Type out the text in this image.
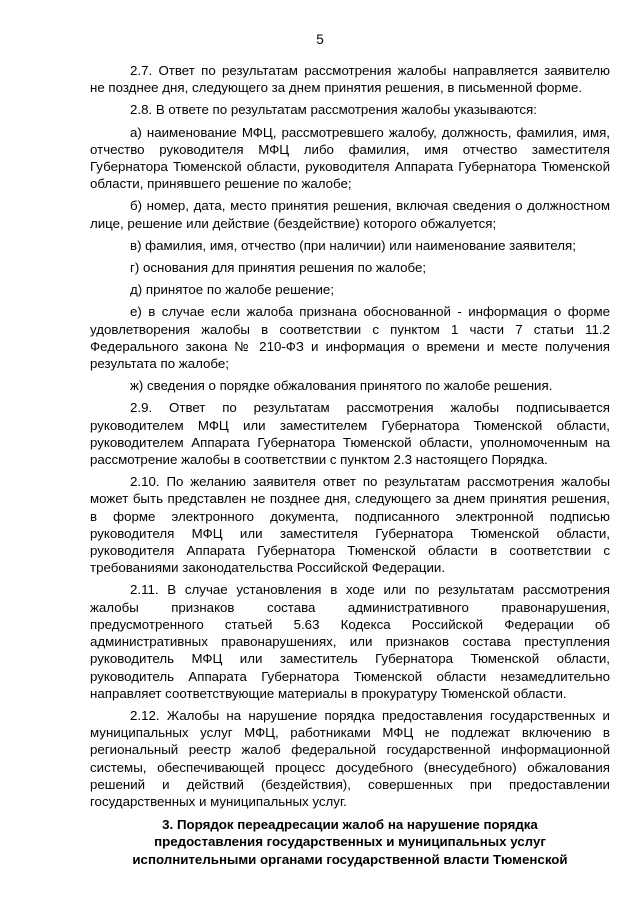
5

2.7. Ответ по результатам рассмотрения жалобы направляется заявителю не позднее дня, следующего за днем принятия решения, в письменной форме.

2.8. В ответе по результатам рассмотрения жалобы указываются:

а) наименование МФЦ, рассмотревшего жалобу, должность, фамилия, имя, отчество руководителя МФЦ либо фамилия, имя отчество заместителя Губернатора Тюменской области, руководителя Аппарата Губернатора Тюменской области, принявшего решение по жалобе;

б) номер, дата, место принятия решения, включая сведения о должностном лице, решение или действие (бездействие) которого обжалуется;

в) фамилия, имя, отчество (при наличии) или наименование заявителя;

г) основания для принятия решения по жалобе;

д) принятое по жалобе решение;

е) в случае если жалоба признана обоснованной - информация о форме удовлетворения жалобы в соответствии с пунктом 1 части 7 статьи 11.2 Федерального закона № 210-ФЗ и информация о времени и месте получения результата по жалобе;

ж) сведения о порядке обжалования принятого по жалобе решения.

2.9. Ответ по результатам рассмотрения жалобы подписывается руководителем МФЦ или заместителем Губернатора Тюменской области, руководителем Аппарата Губернатора Тюменской области, уполномоченным на рассмотрение жалобы в соответствии с пунктом 2.3 настоящего Порядка.

2.10. По желанию заявителя ответ по результатам рассмотрения жалобы может быть представлен не позднее дня, следующего за днем принятия решения, в форме электронного документа, подписанного электронной подписью руководителя МФЦ или заместителя Губернатора Тюменской области, руководителя Аппарата Губернатора Тюменской области в соответствии с требованиями законодательства Российской Федерации.

2.11. В случае установления в ходе или по результатам рассмотрения жалобы признаков состава административного правонарушения, предусмотренного статьей 5.63 Кодекса Российской Федерации об административных правонарушениях, или признаков состава преступления руководитель МФЦ или заместитель Губернатора Тюменской области, руководитель Аппарата Губернатора Тюменской области незамедлительно направляет соответствующие материалы в прокуратуру Тюменской области.

2.12. Жалобы на нарушение порядка предоставления государственных и муниципальных услуг МФЦ, работниками МФЦ не подлежат включению в региональный реестр жалоб федеральной государственной информационной системы, обеспечивающей процесс досудебного (внесудебного) обжалования решений и действий (бездействия), совершенных при предоставлении государственных и муниципальных услуг.

3. Порядок переадресации жалоб на нарушение порядка предоставления государственных и муниципальных услуг исполнительными органами государственной власти Тюменской
